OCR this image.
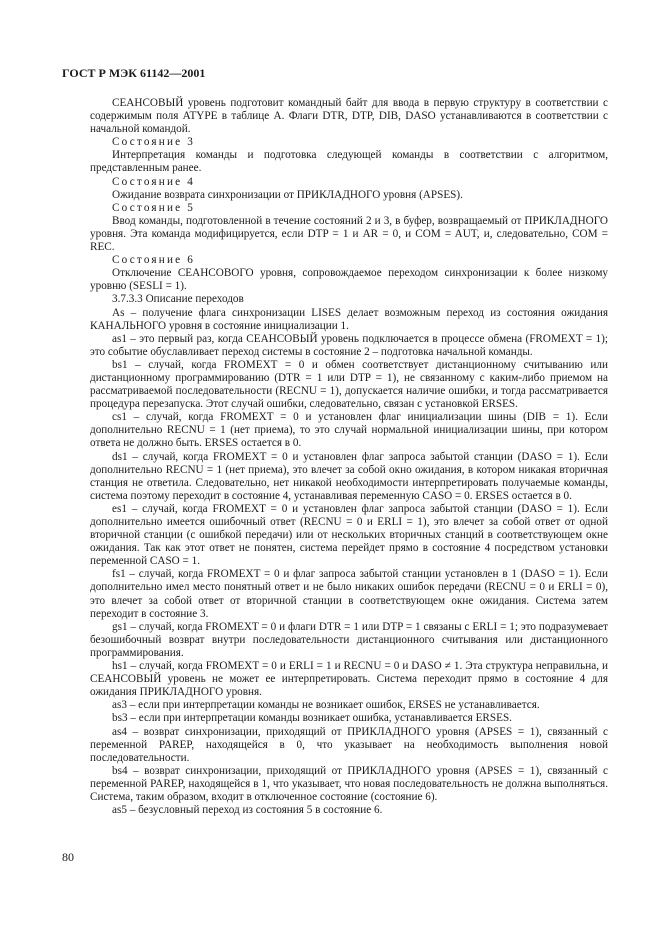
ГОСТ Р МЭК 61142—2001

СЕАНСОВЫЙ уровень подготовит командный байт для ввода в первую структуру в соответствии с содержимым поля ATYPE в таблице А. Флаги DTR, DTP, DIB, DASO устанавливаются в соответствии с начальной командой.

Состояние 3

Интерпретация команды и подготовка следующей команды в соответствии с алгоритмом, представленным ранее.

Состояние 4

Ожидание возврата синхронизации от ПРИКЛАДНОГО уровня (APSES).

Состояние 5

Ввод команды, подготовленной в течение состояний 2 и 3, в буфер, возвращаемый от ПРИКЛАДНОГО уровня. Эта команда модифицируется, если DTP = 1 и AR = 0, и COM = AUT, и, следовательно, COM = REC.

Состояние 6

Отключение СЕАНСОВОГО уровня, сопровождаемое переходом синхронизации к более низкому уровню (SESLI = 1).

3.7.3.3 Описание переходов

As – получение флага синхронизации LISES делает возможным переход из состояния ожидания КАНАЛЬНОГО уровня в состояние инициализации 1.

as1 – это первый раз, когда СЕАНСОВЫЙ уровень подключается в процессе обмена (FROMEXT = 1); это событие обуславливает переход системы в состояние 2 – подготовка начальной команды.

bs1 – случай, когда FROMEXT = 0 и обмен соответствует дистанционному считыванию или дистанционному программированию (DTR = 1 или DTP = 1), не связанному с каким-либо приемом на рассматриваемой последовательности (RECNU = 1), допускается наличие ошибки, и тогда рассматривается процедура перезапуска. Этот случай ошибки, следовательно, связан с установкой ERSES.

cs1 – случай, когда FROMEXT = 0 и установлен флаг инициализации шины (DIB = 1). Если дополнительно RECNU = 1 (нет приема), то это случай нормальной инициализации шины, при котором ответа не должно быть. ERSES остается в 0.

ds1 – случай, когда FROMEXT = 0 и установлен флаг запроса забытой станции (DASO = 1). Если дополнительно RECNU = 1 (нет приема), это влечет за собой окно ожидания, в котором никакая вторичная станция не ответила. Следовательно, нет никакой необходимости интерпретировать получаемые команды, система поэтому переходит в состояние 4, устанавливая переменную CASO = 0. ERSES остается в 0.

es1 – случай, когда FROMEXT = 0 и установлен флаг запроса забытой станции (DASO = 1). Если дополнительно имеется ошибочный ответ (RECNU = 0 и ERLI = 1), это влечет за собой ответ от одной вторичной станции (с ошибкой передачи) или от нескольких вторичных станций в соответствующем окне ожидания. Так как этот ответ не понятен, система перейдет прямо в состояние 4 посредством установки переменной CASO = 1.

fs1 – случай, когда FROMEXT = 0 и флаг запроса забытой станции установлен в 1 (DASO = 1). Если дополнительно имел место понятный ответ и не было никаких ошибок передачи (RECNU = 0 и ERLI = 0), это влечет за собой ответ от вторичной станции в соответствующем окне ожидания. Система затем переходит в состояние 3.

gs1 – случай, когда FROMEXT = 0 и флаги DTR = 1 или DTP = 1 связаны с ERLI = 1; это подразумевает безошибочный возврат внутри последовательности дистанционного считывания или дистанционного программирования.

hs1 – случай, когда FROMEXT = 0 и ERLI = 1 и RECNU = 0 и DASO ≠ 1. Эта структура неправильна, и СЕАНСОВЫЙ уровень не может ее интерпретировать. Система переходит прямо в состояние 4 для ожидания ПРИКЛАДНОГО уровня.

as3 – если при интерпретации команды не возникает ошибок, ERSES не устанавливается.

bs3 – если при интерпретации команды возникает ошибка, устанавливается ERSES.

as4 – возврат синхронизации, приходящий от ПРИКЛАДНОГО уровня (APSES = 1), связанный с переменной PAREP, находящейся в 0, что указывает на необходимость выполнения новой последовательности.

bs4 – возврат синхронизации, приходящий от ПРИКЛАДНОГО уровня (APSES = 1), связанный с переменной PAREP, находящейся в 1, что указывает, что новая последовательность не должна выполняться. Система, таким образом, входит в отключенное состояние (состояние 6).

as5 – безусловный переход из состояния 5 в состояние 6.

80
